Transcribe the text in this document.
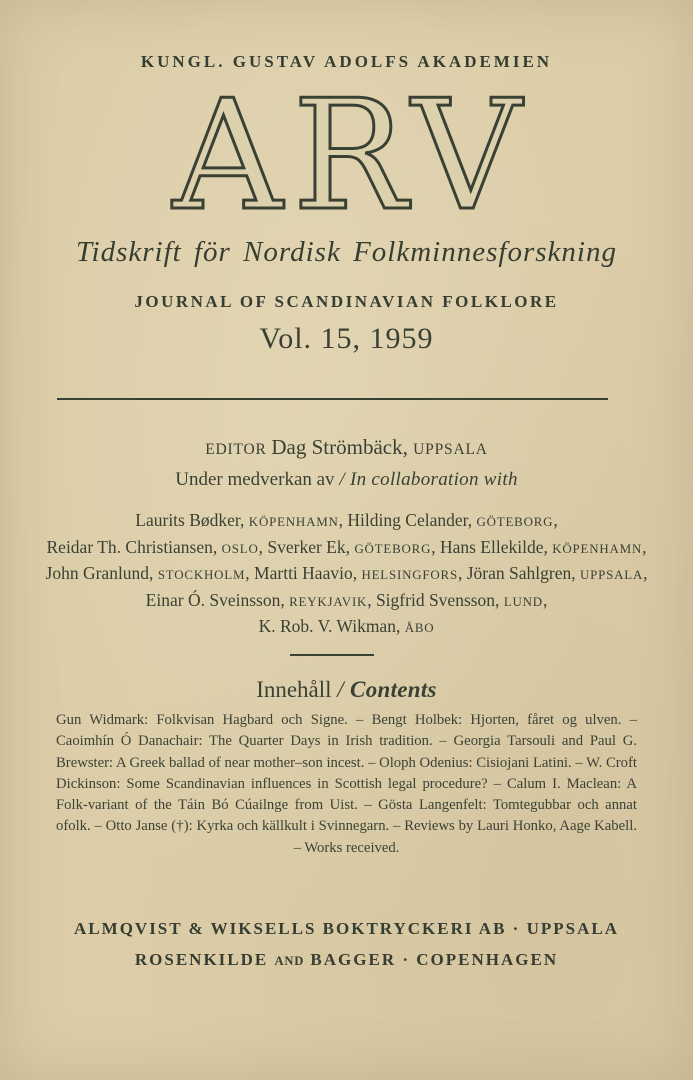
KUNGL. GUSTAV ADOLFS AKADEMIEN
ARV
Tidskrift för Nordisk Folkminnesforskning
JOURNAL OF SCANDINAVIAN FOLKLORE
Vol. 15, 1959
EDITOR Dag Strömbäck, UPPSALA
Under medverkan av / In collaboration with
Laurits Bødker, KÖPENHAMN, Hilding Celander, GÖTEBORG,
Reidar Th. Christiansen, OSLO, Sverker Ek, GÖTEBORG, Hans Ellekilde, KÖPENHAMN,
John Granlund, STOCKHOLM, Martti Haavio, HELSINGFORS, Jöran Sahlgren, UPPSALA,
Einar Ó. Sveinsson, REYKJAVIK, Sigfrid Svensson, LUND,
K. Rob. V. Wikman, ÅBO
Innehåll / Contents

Gun Widmark: Folkvisan Hagbard och Signe. – Bengt Holbek: Hjorten, fåret og ulven. – Caoimhín Ó Danachair: The Quarter Days in Irish tradition. – Georgia Tarsouli and Paul G. Brewster: A Greek ballad of near mother–son incest. – Oloph Odenius: Cisiojani Latini. – W. Croft Dickinson: Some Scandinavian influences in Scottish legal procedure? – Calum I. Maclean: A Folk-variant of the Táin Bó Cúailnge from Uist. – Gösta Langenfelt: Tomtegubbar och annat ofolk. – Otto Janse (†): Kyrka och källkult i Svinnegarn. – Reviews by Lauri Honko, Aage Kabell. – Works received.

ALMQVIST & WIKSELLS BOKTRYCKERI AB · UPPSALA
ROSENKILDE AND BAGGER · COPENHAGEN
